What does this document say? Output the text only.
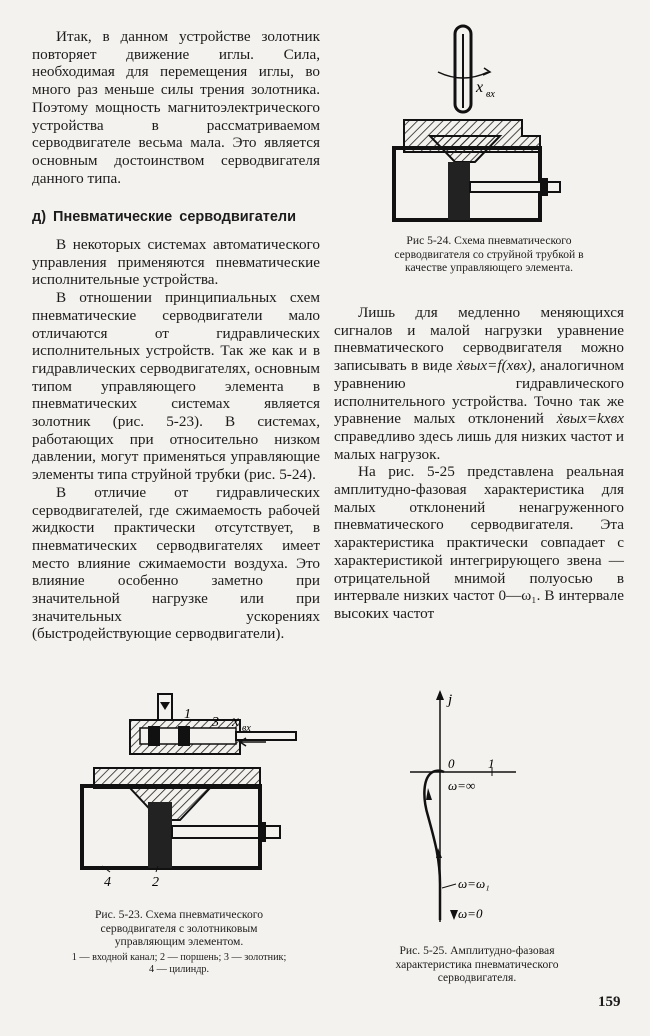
Итак, в данном устройстве золотник повторяет движение иглы. Сила, необходимая для перемещения иглы, во много раз меньше силы трения золотника. Поэтому мощность магнитоэлектрического устройства в рассматриваемом серводвигателе весьма мала. Это является основным достоинством серводвигателя данного типа.

д) Пневматические серводвигатели

В некоторых системах автоматического управления применяются пневматические исполнительные устройства.

В отношении принципиальных схем пневматические серводвигатели мало отличаются от гидравлических исполнительных устройств. Так же как и в гидравлических серводвигателях, основным типом управляющего элемента в пневматических системах является золотник (рис. 5-23). В системах, работающих при относительно низком давлении, могут применяться управляющие элементы типа струйной трубки (рис. 5-24).

В отличие от гидравлических серводвигателей, где сжимаемость рабочей жидкости практически отсутствует, в пневматических серводвигателях имеет место влияние сжимаемости воздуха. Это влияние особенно заметно при значительной нагрузке или при значительных ускорениях (быстродействующие серводвигатели).

x вх
Рис 5-24. Схема пневматического серводвигателя со струйной трубкой в качестве управляющего элемента.

Лишь для медленно меняющихся сигналов и малой нагрузки уравнение пневматического серводвигателя можно записывать в виде ẋвых=f(xвх), аналогичном уравнению гидравлического исполнительного устройства. Точно так же уравнение малых отклонений ẋвых=kxвх справедливо здесь лишь для низких частот и малых нагрузок.

На рис. 5-25 представлена реальная амплитудно-фазовая характеристика для малых отклонений ненагруженного пневматического серводвигателя. Эта характеристика практически совпадает с характеристикой интегрирующего звена — отрицательной мнимой полуосью в интервале низких частот 0—ω₁. В интервале высоких частот

1
3 x вх
4	2
Рис. 5-23. Схема пневматического серводвигателя с золотниковым управляющим элементом.
1 — входной канал; 2 — поршень; 3 — золотник; 4 — цилиндр.
j
0	1
ω=∞
ω=ω₁
ω=0
Рис. 5-25. Амплитудно-фазовая характеристика пневматического серводвигателя.
159
